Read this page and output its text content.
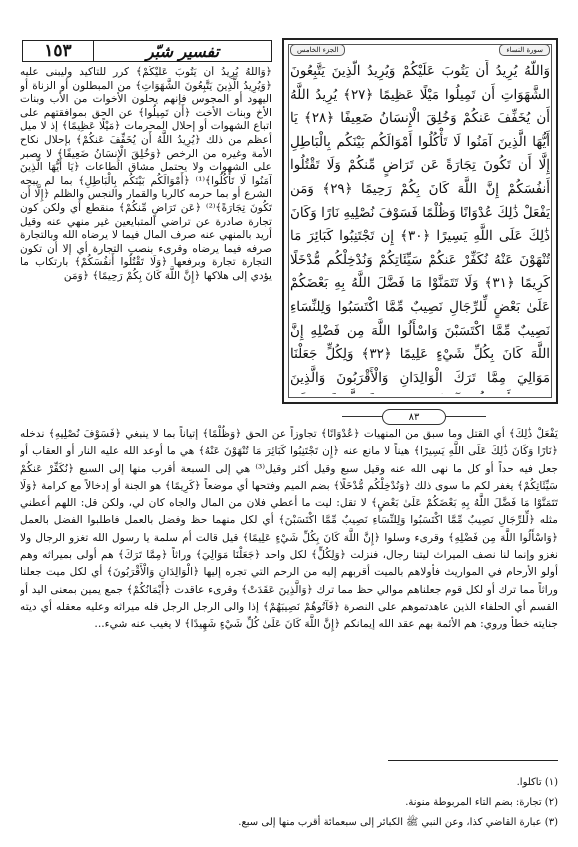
١٥٣	تفسير شبّر

﴿وَاللَّهُ يُرِيدُ أَن يَتُوبَ عَلَيْكُمْ﴾ كرر للتأكيد وليبنى عليه ﴿وَيُرِيدُ الَّذِينَ يَتَّبِعُونَ الشَّهَوَاتِ﴾ من المبطلون أو الزناة أو اليهود أو المجوس فإنهم يحلون الأخوات من الأب وبنات الأخ وبنات الأخت ﴿أَن تَمِيلُوا﴾ عن الحق بموافقتهم على اتباع الشهوات أو إحلال المحرمات ﴿مَيْلًا عَظِيمًا﴾ إذ لا ميل أعظم من ذلك ﴿يُرِيدُ اللَّهُ أَن يُخَفِّفَ عَنكُمْ﴾ بإحلال نكاح الأمة وغيره من الرخص ﴿وَخُلِقَ الْإِنسَانُ ضَعِيفًا﴾ لا يصبر على الشهوات ولا يحتمل مشاق الطاعات ﴿يَا أَيُّهَا الَّذِينَ آمَنُوا لَا تَأْكُلُوا﴾⁽¹⁾ ﴿أَمْوَالَكُم بَيْنَكُم بِالْبَاطِلِ﴾ بما لم يبحه الشرع أو بما حرمه كالربا والقمار والنجس والظلم ﴿إِلَّا أَن تَكُونَ تِجَارَةً﴾⁽²⁾ ﴿عَن تَرَاضٍ مِّنكُمْ﴾ منقطع أي ولكن كون تجارة صادرة عن تراضي المتبايعين غير منهي عنه وقيل أريد بالمنهي عنه صرف المال فيما لا يرضاه الله وبالتجارة صرفه فيما يرضاه وقرىء بنصب التجارة أي إلا أن تكون التجارة تجارة وبرفعها ﴿وَلَا تَقْتُلُوا أَنفُسَكُمْ﴾ بارتكاب ما يؤدي إلى هلاكها ﴿إِنَّ اللَّهَ كَانَ بِكُمْ رَحِيمًا﴾ ﴿وَمَن

الجزء الخامس	سورة النساء

وَاللَّهُ يُرِيدُ أَن يَتُوبَ عَلَيْكُمْ وَيُرِيدُ الَّذِينَ يَتَّبِعُونَ الشَّهَوَاتِ أَن تَمِيلُوا مَيْلًا عَظِيمًا ﴿٢٧﴾ يُرِيدُ اللَّهُ أَن يُخَفِّفَ عَنكُمْ وَخُلِقَ الْإِنسَانُ ضَعِيفًا ﴿٢٨﴾ يَا أَيُّهَا الَّذِينَ آمَنُوا لَا تَأْكُلُوا أَمْوَالَكُم بَيْنَكُم بِالْبَاطِلِ إِلَّا أَن تَكُونَ تِجَارَةً عَن تَرَاضٍ مِّنكُمْ وَلَا تَقْتُلُوا أَنفُسَكُمْ إِنَّ اللَّهَ كَانَ بِكُمْ رَحِيمًا ﴿٢٩﴾ وَمَن يَفْعَلْ ذَٰلِكَ عُدْوَانًا وَظُلْمًا فَسَوْفَ نُصْلِيهِ نَارًا وَكَانَ ذَٰلِكَ عَلَى اللَّهِ يَسِيرًا ﴿٣٠﴾ إِن تَجْتَنِبُوا كَبَائِرَ مَا تُنْهَوْنَ عَنْهُ نُكَفِّرْ عَنكُمْ سَيِّئَاتِكُمْ وَنُدْخِلْكُم مُّدْخَلًا كَرِيمًا ﴿٣١﴾ وَلَا تَتَمَنَّوْا مَا فَضَّلَ اللَّهُ بِهِ بَعْضَكُمْ عَلَىٰ بَعْضٍ لِّلرِّجَالِ نَصِيبٌ مِّمَّا اكْتَسَبُوا وَلِلنِّسَاءِ نَصِيبٌ مِّمَّا اكْتَسَبْنَ وَاسْأَلُوا اللَّهَ مِن فَضْلِهِ إِنَّ اللَّهَ كَانَ بِكُلِّ شَيْءٍ عَلِيمًا ﴿٣٢﴾ وَلِكُلٍّ جَعَلْنَا مَوَالِيَ مِمَّا تَرَكَ الْوَالِدَانِ وَالْأَقْرَبُونَ وَالَّذِينَ

٨٣

يَفْعَلْ ذَٰلِكَ﴾ أي القتل وما سبق من المنهيات ﴿عُدْوَانًا﴾ تجاوزاً عن الحق ﴿وَظُلْمًا﴾ إتياناً بما لا ينبغي ﴿فَسَوْفَ نُصْلِيهِ﴾ ندخله ﴿نَارًا وَكَانَ ذَٰلِكَ عَلَى اللَّهِ يَسِيرًا﴾ هيناً لا مانع عنه ﴿إِن تَجْتَنِبُوا كَبَائِرَ مَا تُنْهَوْنَ عَنْهُ﴾ هي ما أوعد الله عليه النار أو العقاب أو جعل فيه حداً أو كل ما نهى الله عنه وقيل سبع وقيل أكثر وقيل⁽³⁾ هي إلى السبعة أقرب منها إلى السبع ﴿نُكَفِّرْ عَنكُمْ سَيِّئَاتِكُمْ﴾ يغفر لكم ما سوى ذلك ﴿وَنُدْخِلْكُم مُّدْخَلًا﴾ بضم الميم وفتحها أي موضعاً ﴿كَرِيمًا﴾ هو الجنة أو إدخالاً مع كرامة ﴿وَلَا تَتَمَنَّوْا مَا فَضَّلَ اللَّهُ بِهِ بَعْضَكُمْ عَلَىٰ بَعْضٍ﴾ لا تقل: ليت ما أعطي فلان من المال والجاه كان لي، ولكن قل: اللهم أعطني مثله ﴿لِّلرِّجَالِ نَصِيبٌ مِّمَّا اكْتَسَبُوا وَلِلنِّسَاءِ نَصِيبٌ مِّمَّا اكْتَسَبْنَ﴾ أي لكل منهما حظ وفضل بالعمل فاطلبوا الفضل بالعمل ﴿وَاسْأَلُوا اللَّهَ مِن فَضْلِهِ﴾ وقرىء وسلوا ﴿إِنَّ اللَّهَ كَانَ بِكُلِّ شَيْءٍ عَلِيمًا﴾ قيل قالت أم سلمة يا رسول الله تغزو الرجال ولا نغزو وإنما لنا نصف الميراث ليتنا رجال، فنزلت ﴿وَلِكُلٍّ﴾ لكل واحد ﴿جَعَلْنَا مَوَالِيَ﴾ وراثاً ﴿مِمَّا تَرَكَ﴾ هم أولى بميراثه وهم أولو الأرحام في المواريث فأولاهم بالميت أقربهم إليه من الرحم التي تجره إليها ﴿الْوَالِدَانِ وَالْأَقْرَبُونَ﴾ أي لكل ميت جعلنا وراثاً مما ترك أو لكل قوم جعلناهم موالي حظ مما ترك ﴿وَالَّذِينَ عَقَدَتْ﴾ وقرىء عاقدت ﴿أَيْمَانُكُمْ﴾ جمع يمين بمعنى اليد أو القسم أي الحلفاء الذين عاهدتموهم على النصرة ﴿فَآتُوهُمْ نَصِيبَهُمْ﴾ إذا والى الرجل الرجل فله ميراثه وعليه معقله أي ديته جنايته خطأ وروي: هم الأئمة بهم عقد الله إيمانكم ﴿إِنَّ اللَّهَ كَانَ عَلَىٰ كُلِّ شَيْءٍ شَهِيدًا﴾ لا يغيب عنه شيء...

(١) تاكلوا.
(٢) تجارة: بضم التاء المربوطة منونة.
(٣) عبارة القاضي كذا، وعن النبي ﷺ الكبائر إلى سبعمائة أقرب منها إلى سبع.
